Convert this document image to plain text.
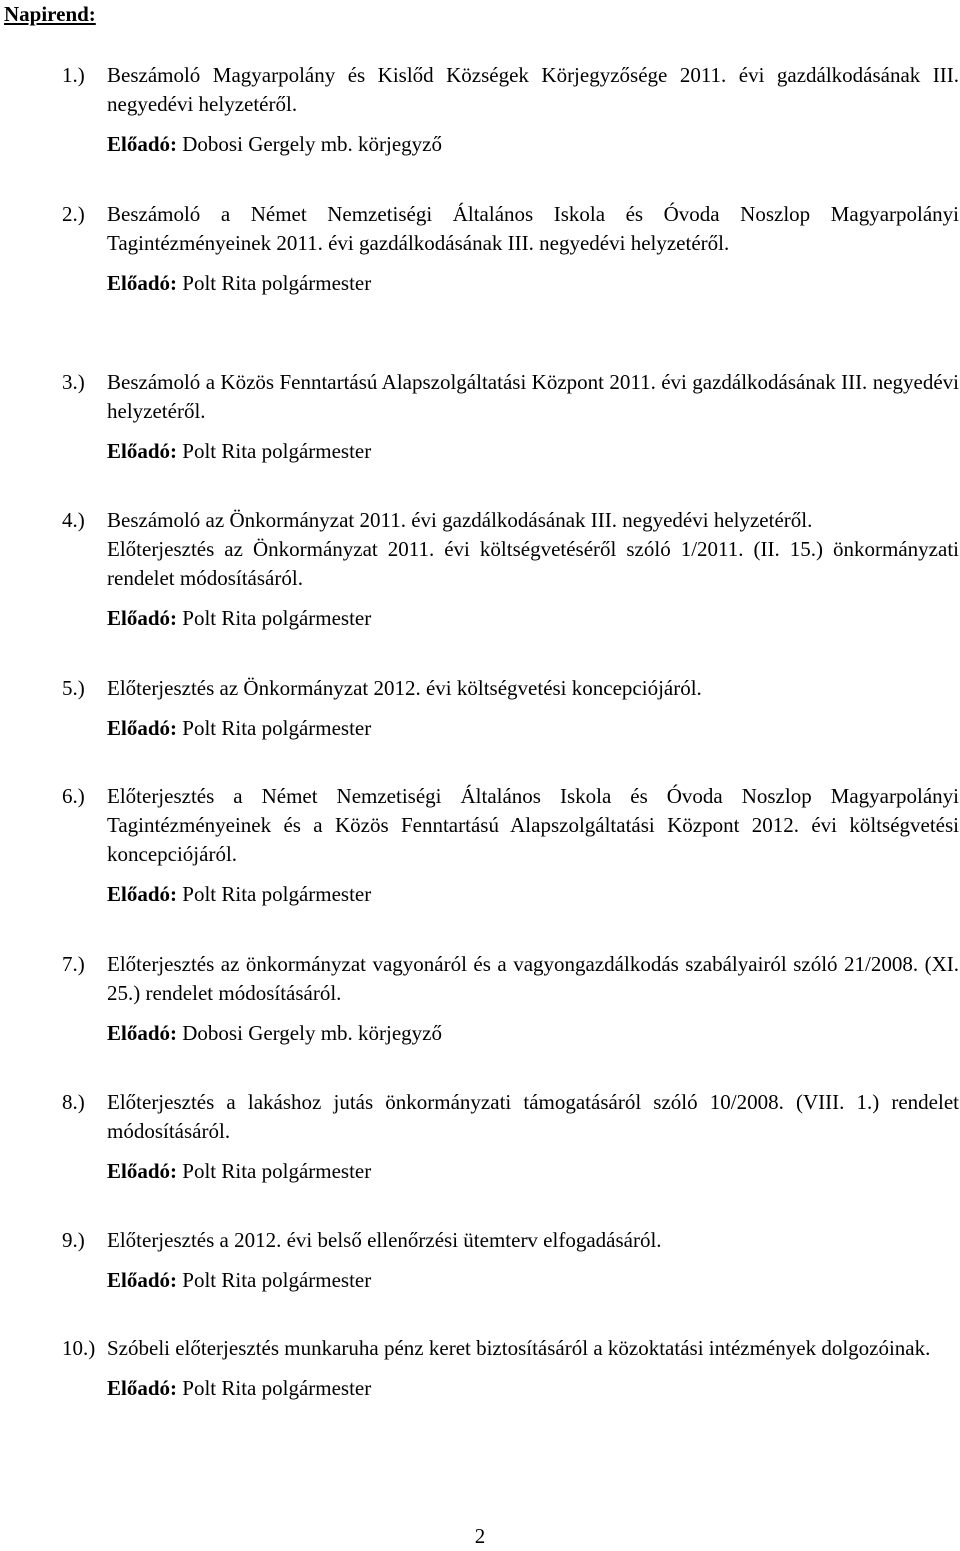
Napirend:
1.) Beszámoló Magyarpolány és Kislőd Községek Körjegyzősége 2011. évi gazdálkodásának III. negyedévi helyzetéről.
Előadó: Dobosi Gergely mb. körjegyző
2.) Beszámoló a Német Nemzetiségi Általános Iskola és Óvoda Noszlop Magyarpolányi Tagintézményeinek 2011. évi gazdálkodásának III. negyedévi helyzetéről.
Előadó: Polt Rita polgármester
3.) Beszámoló a Közös Fenntartású Alapszolgáltatási Központ 2011. évi gazdálkodásának III. negyedévi helyzetéről.
Előadó: Polt Rita polgármester
4.) Beszámoló az Önkormányzat 2011. évi gazdálkodásának III. negyedévi helyzetéről.
Előterjesztés az Önkormányzat 2011. évi költségvetéséről szóló 1/2011. (II. 15.) önkormányzati rendelet módosításáról.
Előadó: Polt Rita polgármester
5.) Előterjesztés az Önkormányzat 2012. évi költségvetési koncepciójáról.
Előadó: Polt Rita polgármester
6.) Előterjesztés a Német Nemzetiségi Általános Iskola és Óvoda Noszlop Magyarpolányi Tagintézményeinek és a Közös Fenntartású Alapszolgáltatási Központ 2012. évi költségvetési koncepciójáról.
Előadó: Polt Rita polgármester
7.) Előterjesztés az önkormányzat vagyonáról és a vagyongazdálkodás szabályairól szóló 21/2008. (XI. 25.) rendelet módosításáról.
Előadó: Dobosi Gergely mb. körjegyző
8.) Előterjesztés a lakáshoz jutás önkormányzati támogatásáról szóló 10/2008. (VIII. 1.) rendelet módosításáról.
Előadó: Polt Rita polgármester
9.) Előterjesztés a 2012. évi belső ellenőrzési ütemterv elfogadásáról.
Előadó: Polt Rita polgármester
10.) Szóbeli előterjesztés munkaruha pénz keret biztosításáról a közoktatási intézmények dolgozóinak.
Előadó: Polt Rita polgármester
2
